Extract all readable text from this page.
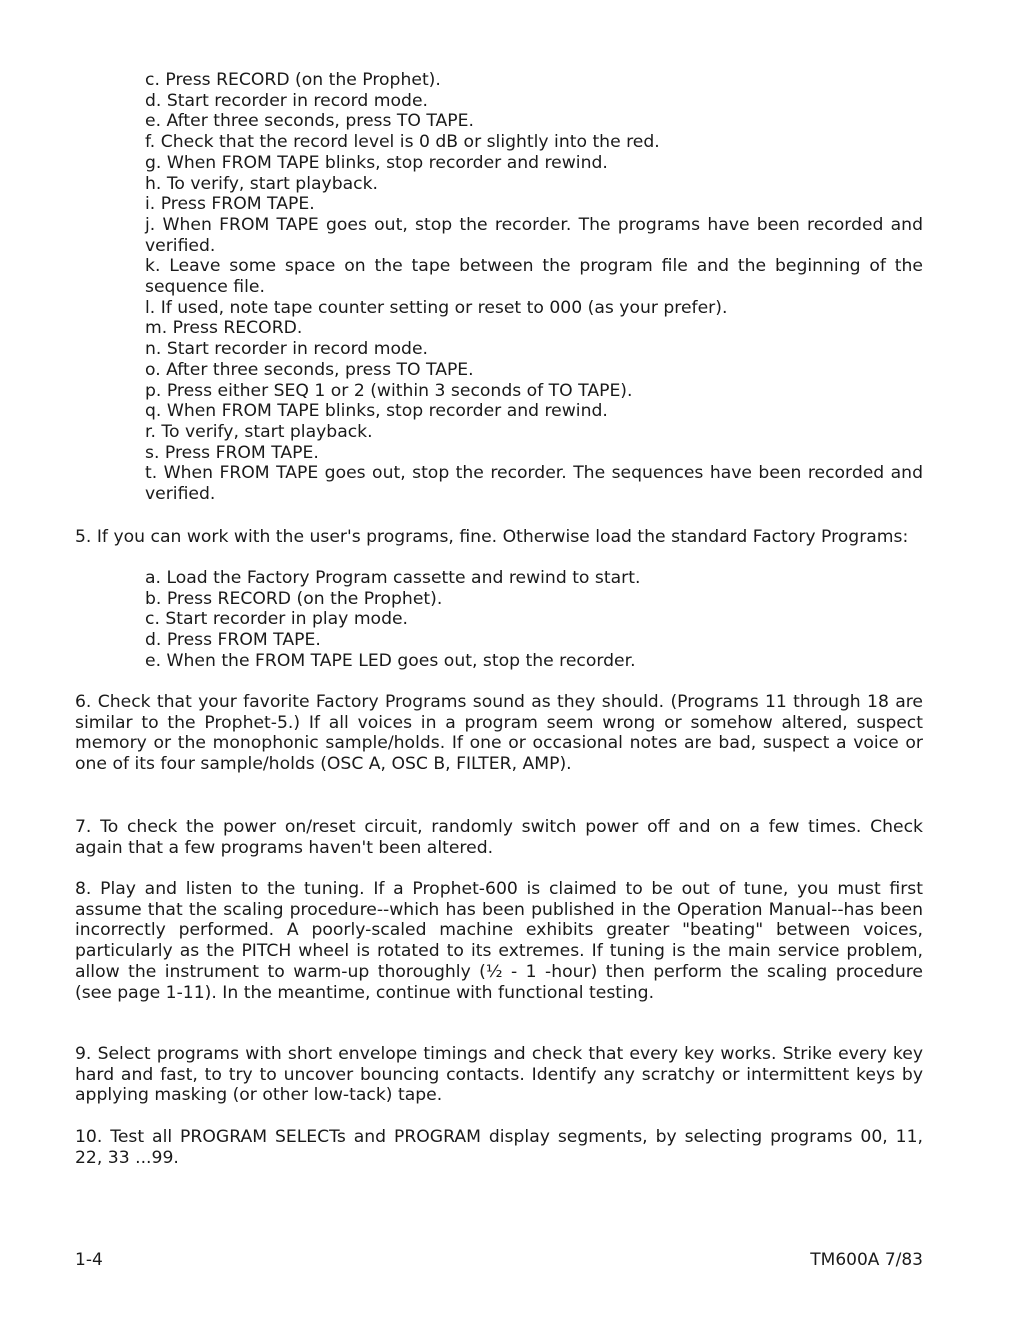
c. Press RECORD (on the Prophet).

d. Start recorder in record mode.

e. After three seconds, press TO TAPE.

f. Check that the record level is 0 dB or slightly into the red.

g. When FROM TAPE blinks, stop recorder and rewind.

h. To verify, start playback.

i. Press FROM TAPE.

j. When FROM TAPE goes out, stop the recorder. The programs have been recorded and verified.

k. Leave some space on the tape between the program file and the beginning of the sequence file.

l. If used, note tape counter setting or reset to 000 (as your prefer).

m. Press RECORD.

n. Start recorder in record mode.

o. After three seconds, press TO TAPE.

p. Press either SEQ 1 or 2 (within 3 seconds of TO TAPE).

q. When FROM TAPE blinks, stop recorder and rewind.

r. To verify, start playback.

s. Press FROM TAPE.

t. When FROM TAPE goes out, stop the recorder. The sequences have been recorded and verified.

5. If you can work with the user's programs, fine. Otherwise load the standard Factory Programs:

a. Load the Factory Program cassette and rewind to start.

b. Press RECORD (on the Prophet).

c. Start recorder in play mode.

d. Press FROM TAPE.

e. When the FROM TAPE LED goes out, stop the recorder.

6. Check that your favorite Factory Programs sound as they should. (Programs 11 through 18 are similar to the Prophet-5.) If all voices in a program seem wrong or somehow altered, suspect memory or the monophonic sample/holds. If one or occasional notes are bad, suspect a voice or one of its four sample/holds (OSC A, OSC B, FILTER, AMP).

7. To check the power on/reset circuit, randomly switch power off and on a few times. Check again that a few programs haven't been altered.

8. Play and listen to the tuning. If a Prophet-600 is claimed to be out of tune, you must first assume that the scaling procedure--which has been published in the Operation Manual--has been incorrectly performed. A poorly-scaled machine exhibits greater "beating" between voices, particularly as the PITCH wheel is rotated to its extremes. If tuning is the main service problem, allow the instrument to warm-up thoroughly (½ - 1 -hour) then perform the scaling procedure (see page 1-11). In the meantime, continue with functional testing.

9. Select programs with short envelope timings and check that every key works. Strike every key hard and fast, to try to uncover bouncing contacts. Identify any scratchy or intermittent keys by applying masking (or other low-tack) tape.

10. Test all PROGRAM SELECTs and PROGRAM display segments, by selecting programs 00, 11, 22, 33 ...99.

1-4	TM600A 7/83
